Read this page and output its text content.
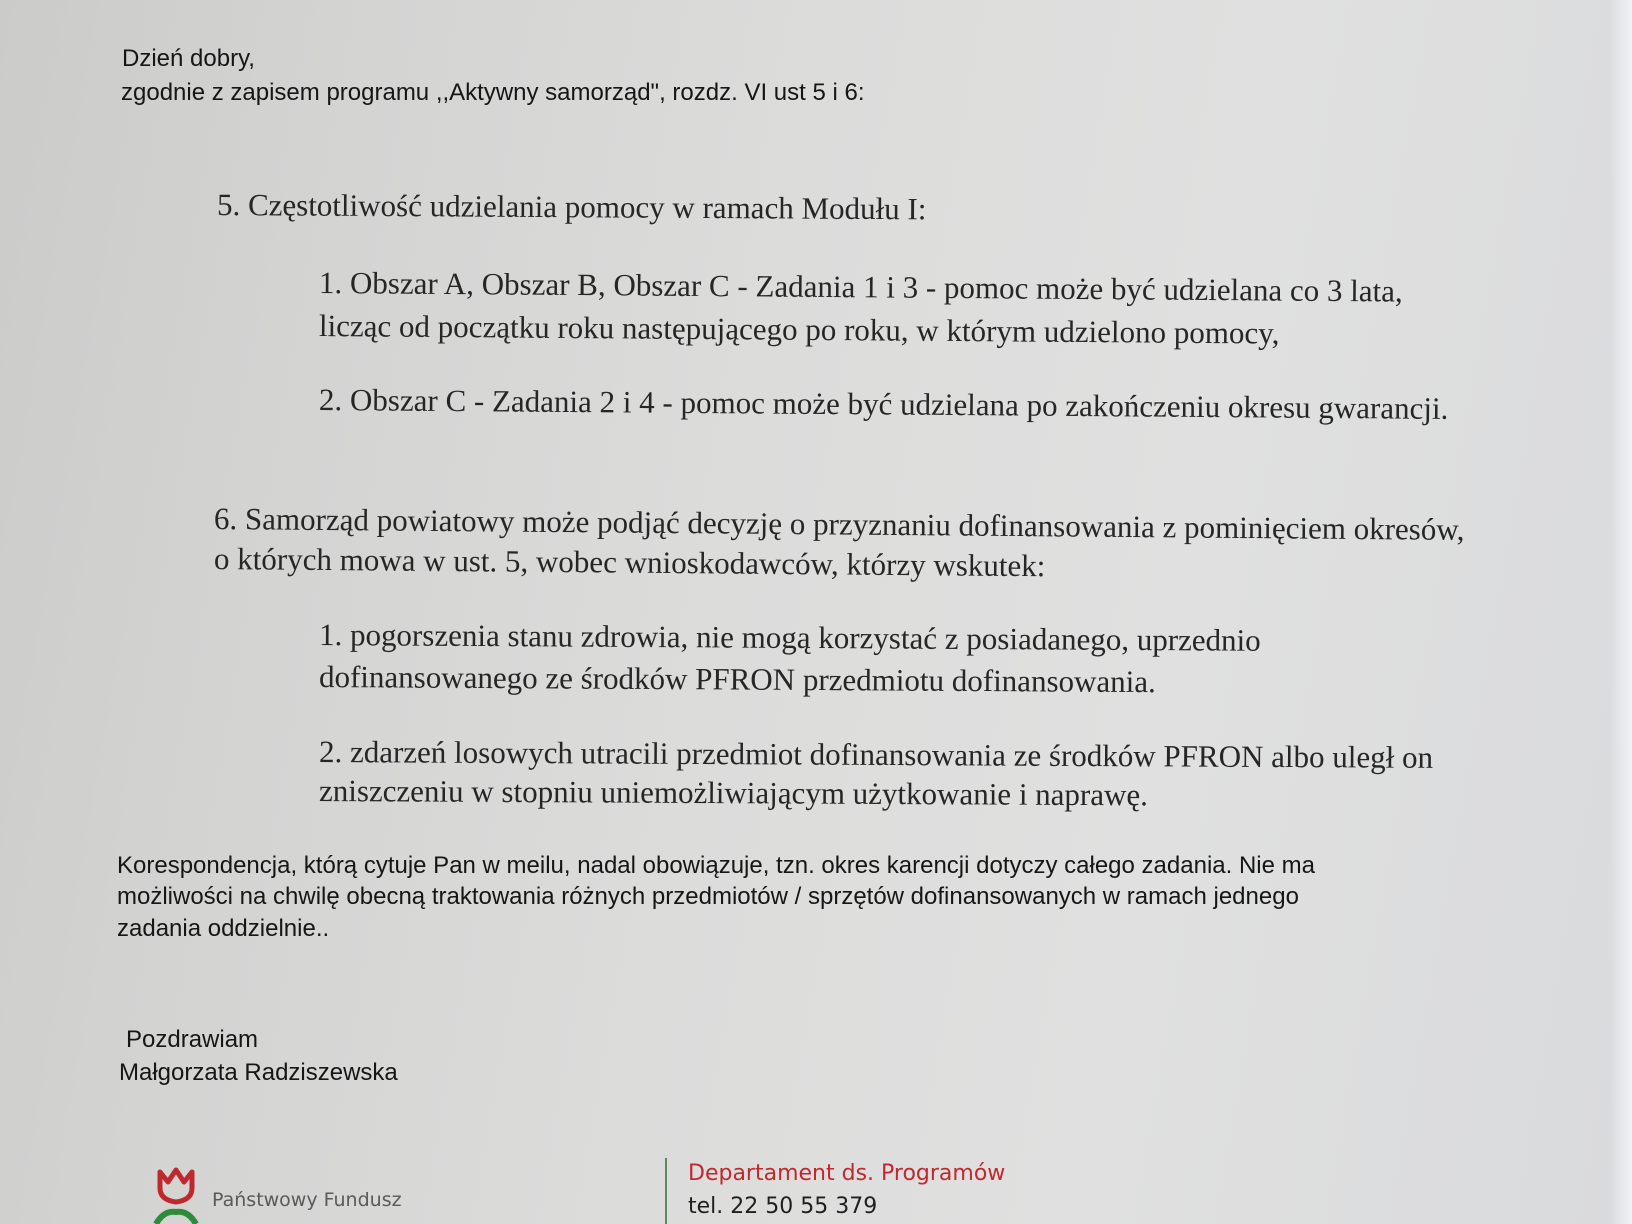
Dzień dobry,

zgodnie z zapisem programu ,,Aktywny samorząd", rozdz. VI ust 5 i 6:

5. Częstotliwość udzielania pomocy w ramach Modułu I:

1. Obszar A, Obszar B, Obszar C - Zadania 1 i 3 - pomoc może być udzielana co 3 lata,

licząc od początku roku następującego po roku, w którym udzielono pomocy,

2. Obszar C - Zadania 2 i 4 - pomoc może być udzielana po zakończeniu okresu gwarancji.

6. Samorząd powiatowy może podjąć decyzję o przyznaniu dofinansowania z pominięciem okresów,

o których mowa w ust. 5, wobec wnioskodawców, którzy wskutek:

1. pogorszenia stanu zdrowia, nie mogą korzystać z posiadanego, uprzednio

dofinansowanego ze środków PFRON przedmiotu dofinansowania.

2. zdarzeń losowych utracili przedmiot dofinansowania ze środków PFRON albo uległ on

zniszczeniu w stopniu uniemożliwiającym użytkowanie i naprawę.

Korespondencja, którą cytuje Pan w meilu, nadal obowiązuje, tzn. okres karencji dotyczy całego zadania. Nie ma

możliwości na chwilę obecną traktowania różnych przedmiotów / sprzętów dofinansowanych w ramach jednego

zadania oddzielnie..

Pozdrawiam

Małgorzata Radziszewska

Państwowy Fundusz

Departament ds. Programów

tel. 22 50 55 379
